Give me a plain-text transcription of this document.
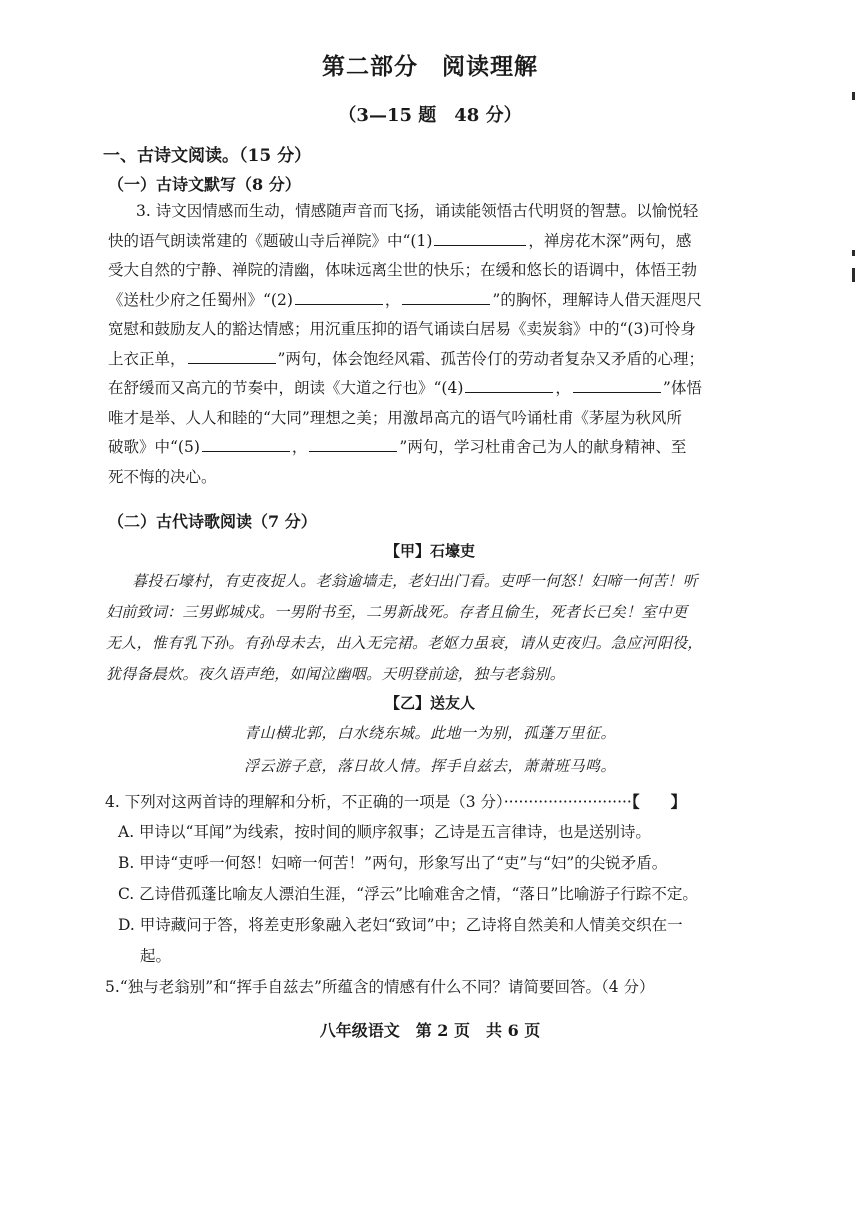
第二部分　阅读理解
（3—15 题　48 分）
一、古诗文阅读。（15 分）
（一）古诗文默写（8 分）
3. 诗文因情感而生动，情感随声音而飞扬，诵读能领悟古代明贤的智慧。以愉悦轻
快的语气朗读常建的《题破山寺后禅院》中“(1)	，禅房花木深”两句，感
受大自然的宁静、禅院的清幽，体味远离尘世的快乐；在缓和悠长的语调中，体悟王勃
《送杜少府之任蜀州》“(2)	，	”的胸怀，理解诗人借天涯咫尺
宽慰和鼓励友人的豁达情感；用沉重压抑的语气诵读白居易《卖炭翁》中的“(3)可怜身
上衣正单，	”两句，体会饱经风霜、孤苦伶仃的劳动者复杂又矛盾的心理；
在舒缓而又高亢的节奏中，朗读《大道之行也》“(4)	，	”体悟
唯才是举、人人和睦的“大同”理想之美；用激昂高亢的语气吟诵杜甫《茅屋为秋风所
破歌》中“(5)	，	”两句，学习杜甫舍己为人的献身精神、至
死不悔的决心。
（二）古代诗歌阅读（7 分）
【甲】石壕吏
暮投石壕村，有吏夜捉人。老翁逾墙走，老妇出门看。吏呼一何怒！妇啼一何苦！听
妇前致词：三男邺城戍。一男附书至，二男新战死。存者且偷生，死者长已矣！室中更
无人，惟有乳下孙。有孙母未去，出入无完裙。老妪力虽衰，请从吏夜归。急应河阳役，
犹得备晨炊。夜久语声绝，如闻泣幽咽。天明登前途，独与老翁别。
【乙】送友人
青山横北郭，白水绕东城。此地一为别，孤蓬万里征。
浮云游子意，落日故人情。挥手自兹去，萧萧班马鸣。
4. 下列对这两首诗的理解和分析，不正确的一项是（3 分）··························【　　】
A. 甲诗以“耳闻”为线索，按时间的顺序叙事；乙诗是五言律诗，也是送别诗。
B. 甲诗“吏呼一何怒！妇啼一何苦！”两句，形象写出了“吏”与“妇”的尖锐矛盾。
C. 乙诗借孤蓬比喻友人漂泊生涯，“浮云”比喻难舍之情，“落日”比喻游子行踪不定。
D. 甲诗藏问于答，将差吏形象融入老妇“致词”中；乙诗将自然美和人情美交织在一
起。
5.“独与老翁别”和“挥手自兹去”所蕴含的情感有什么不同？请简要回答。（4 分）
八年级语文　第 2 页　共 6 页
